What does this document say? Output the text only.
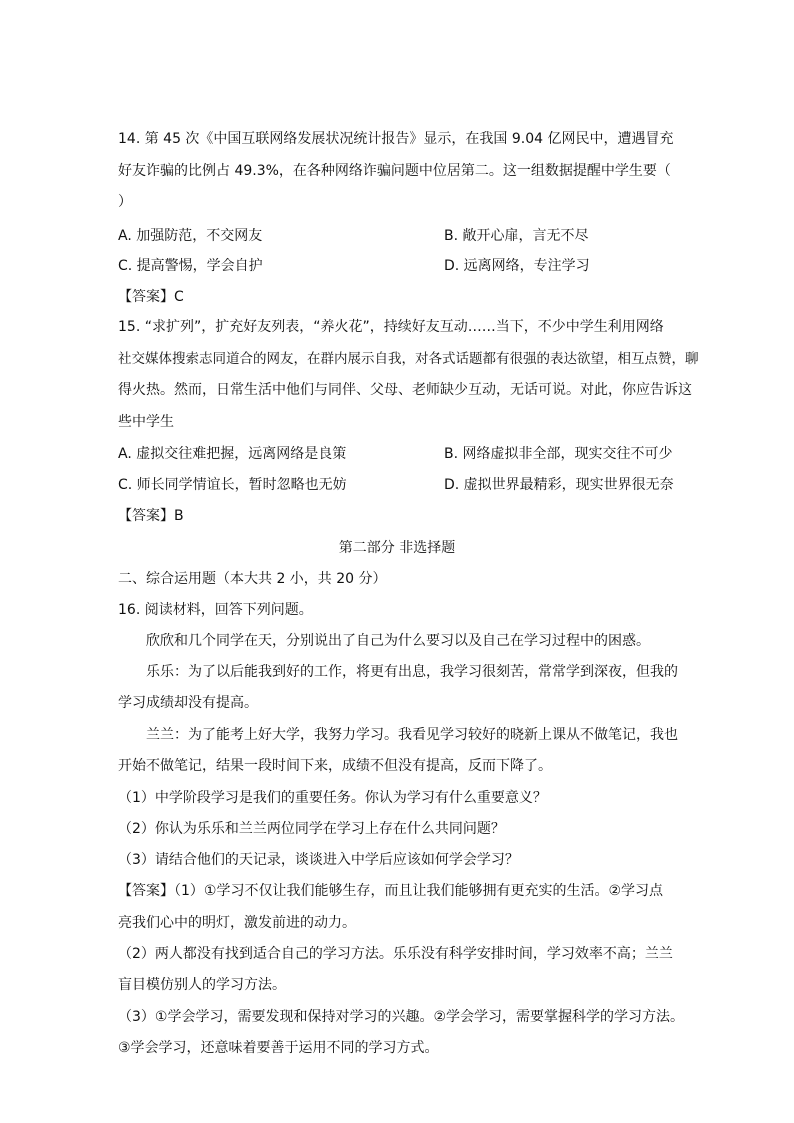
14. 第 45 次《中国互联网络发展状况统计报告》显示，在我国 9.04 亿网民中，遭遇冒充
好友诈骗的比例占 49.3%，在各种网络诈骗问题中位居第二。这一组数据提醒中学生要（
）
A. 加强防范，不交网友	B. 敞开心扉，言无不尽
C. 提高警惕，学会自护	D. 远离网络，专注学习
【答案】C
15. “求扩列”，扩充好友列表，“养火花”，持续好友互动……当下，不少中学生利用网络
社交媒体搜索志同道合的网友，在群内展示自我，对各式话题都有很强的表达欲望，相互点赞，聊
得火热。然而，日常生活中他们与同伴、父母、老师缺少互动，无话可说。对此，你应告诉这
些中学生
A. 虚拟交往难把握，远离网络是良策	B. 网络虚拟非全部，现实交往不可少
C. 师长同学情谊长，暂时忽略也无妨	D. 虚拟世界最精彩，现实世界很无奈
【答案】B
第二部分 非选择题
二、综合运用题（本大共 2 小，共 20 分）
16. 阅读材料，回答下列问题。
欣欣和几个同学在天，分别说出了自己为什么要习以及自己在学习过程中的困惑。
乐乐：为了以后能我到好的工作，将更有出息，我学习很刻苦，常常学到深夜，但我的
学习成绩却没有提高。
兰兰：为了能考上好大学，我努力学习。我看见学习较好的晓新上课从不做笔记，我也
开始不做笔记，结果一段时间下来，成绩不但没有提高，反而下降了。
（1）中学阶段学习是我们的重要任务。你认为学习有什么重要意义？
（2）你认为乐乐和兰兰两位同学在学习上存在什么共同问题？
（3）请结合他们的天记录，谈谈进入中学后应该如何学会学习？
【答案】（1）①学习不仅让我们能够生存，而且让我们能够拥有更充实的生活。②学习点
亮我们心中的明灯，激发前进的动力。
（2）两人都没有找到适合自己的学习方法。乐乐没有科学安排时间，学习效率不高；兰兰
盲目模仿别人的学习方法。
（3）①学会学习，需要发现和保持对学习的兴趣。②学会学习，需要掌握科学的学习方法。
③学会学习，还意味着要善于运用不同的学习方式。
